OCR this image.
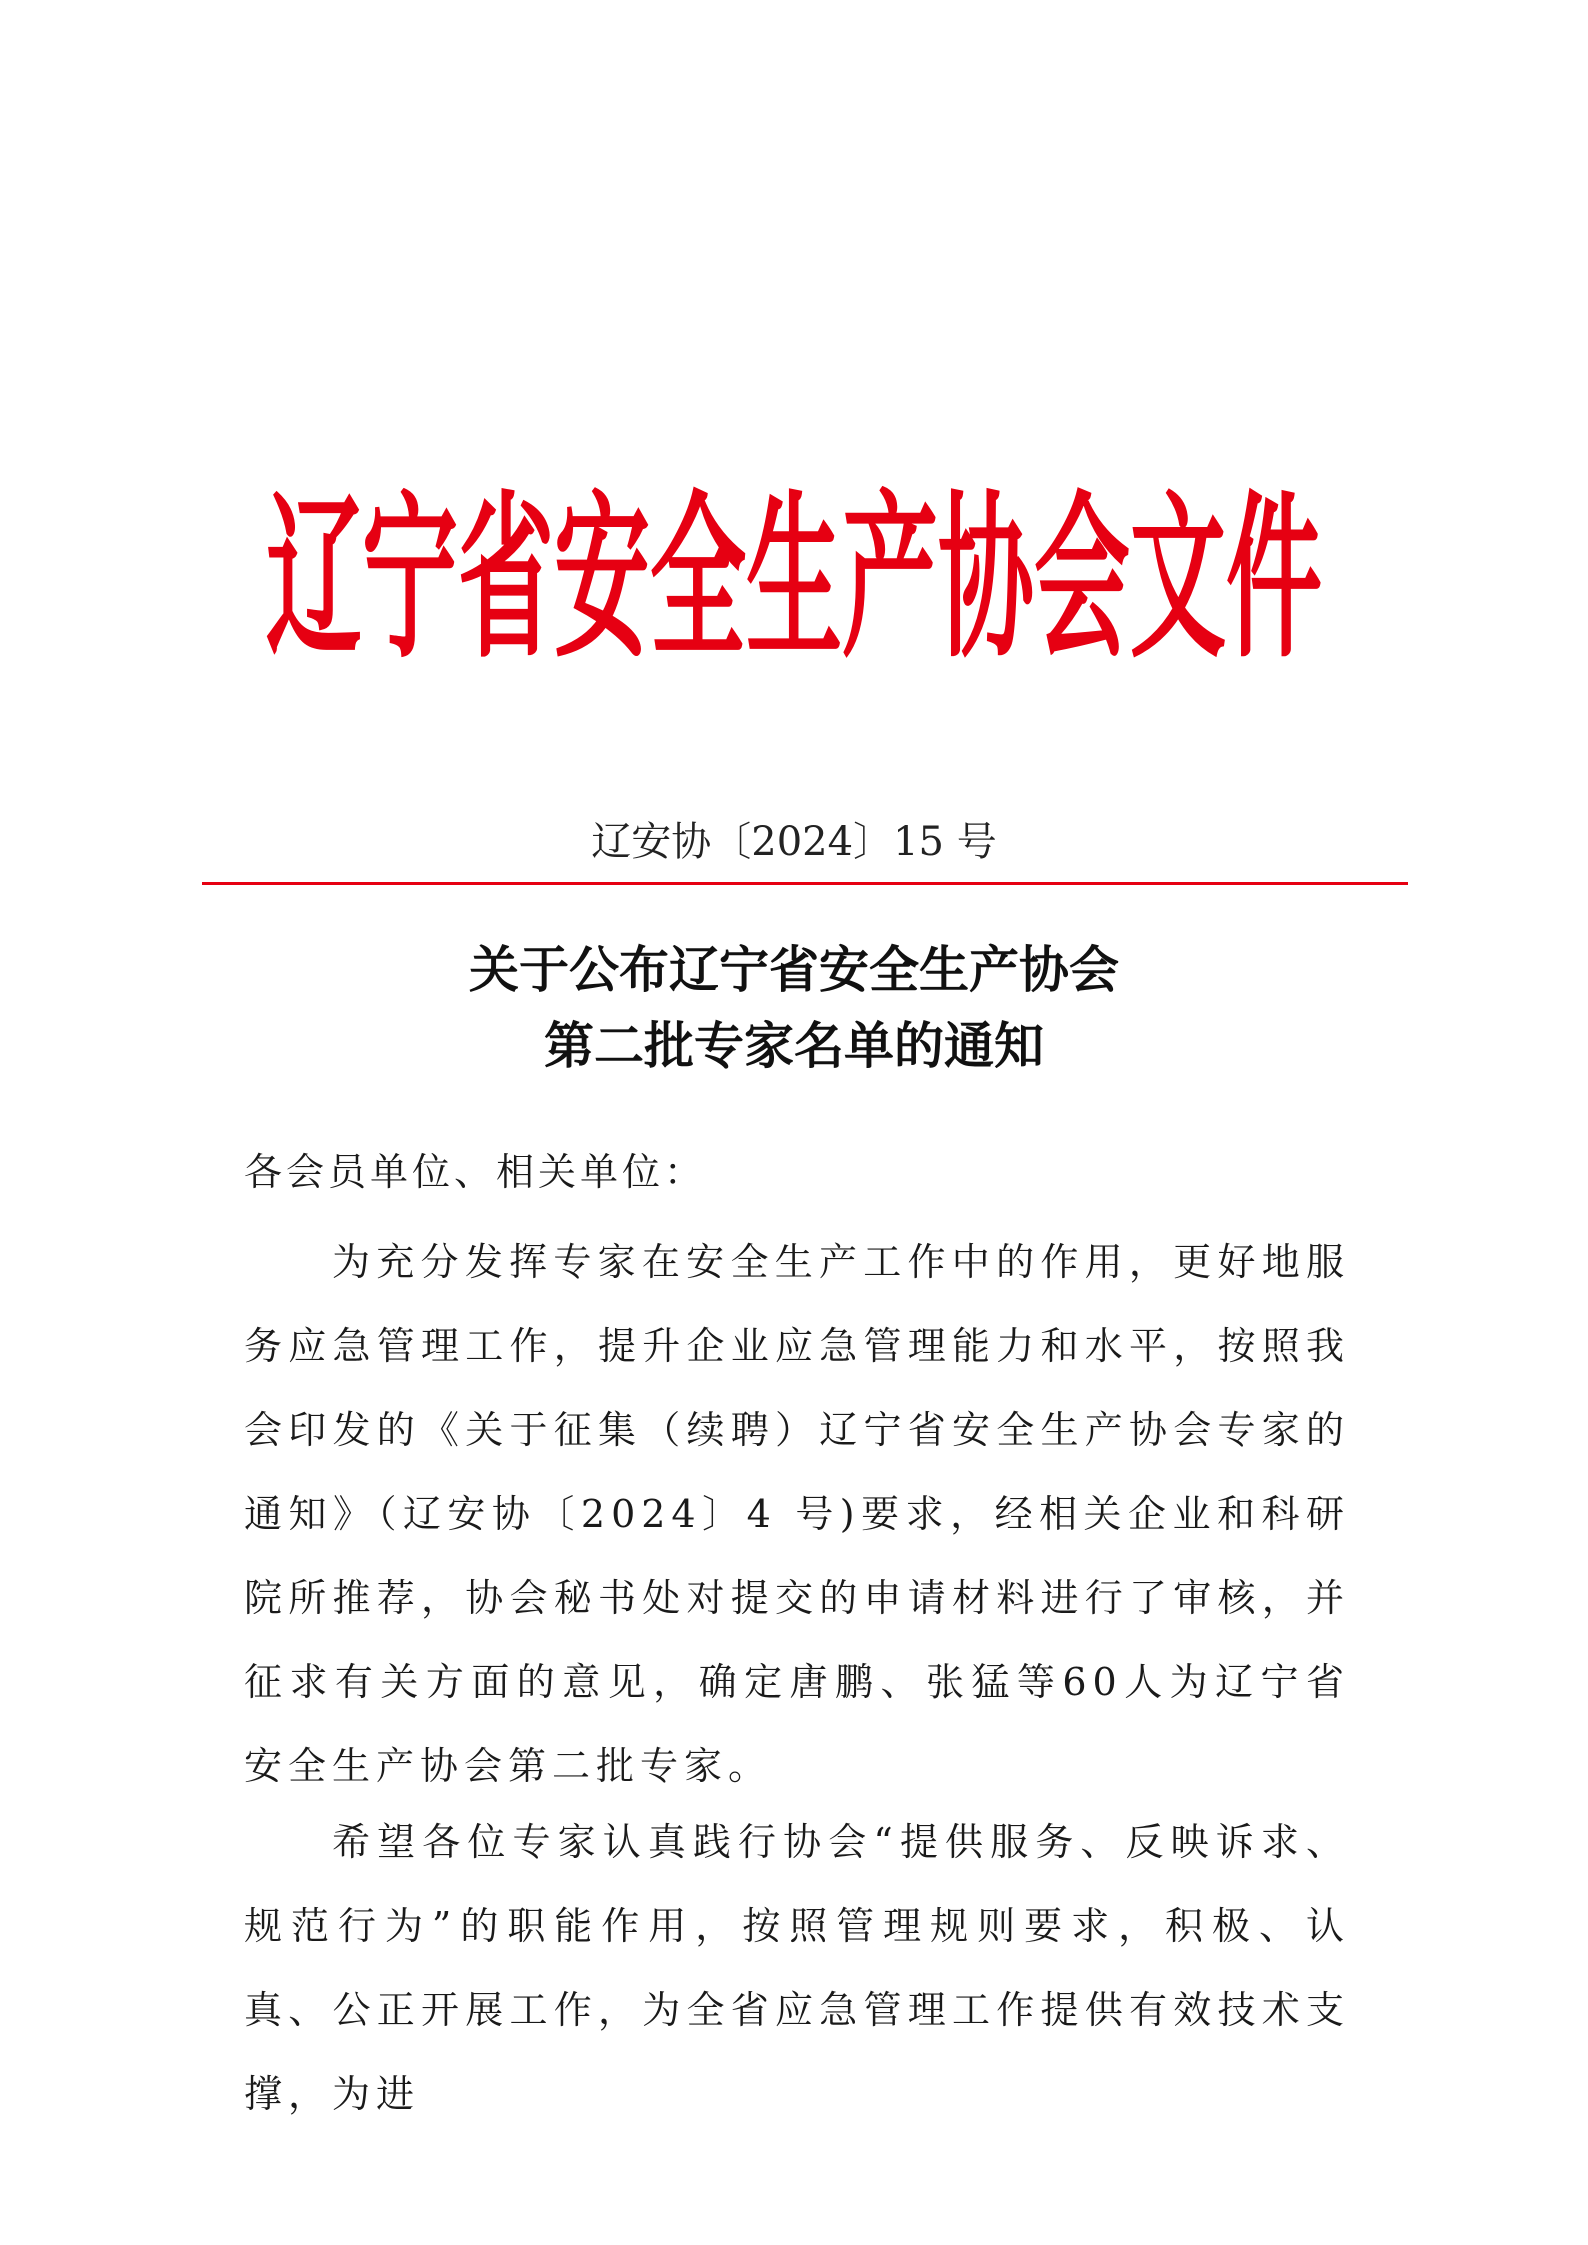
辽宁省安全生产协会文件
辽安协〔2024〕15 号
关于公布辽宁省安全生产协会
第二批专家名单的通知
各会员单位、相关单位：
为充分发挥专家在安全生产工作中的作用，更好地服务应急管理工作，提升企业应急管理能力和水平，按照我会印发的《关于征集（续聘）辽宁省安全生产协会专家的通知》（辽安协〔2024〕4 号)要求，经相关企业和科研院所推荐，协会秘书处对提交的申请材料进行了审核，并征求有关方面的意见，确定唐鹏、张猛等60人为辽宁省安全生产协会第二批专家。
希望各位专家认真践行协会“提供服务、反映诉求、规范行为”的职能作用，按照管理规则要求，积极、认真、公正开展工作，为全省应急管理工作提供有效技术支撑，为进
